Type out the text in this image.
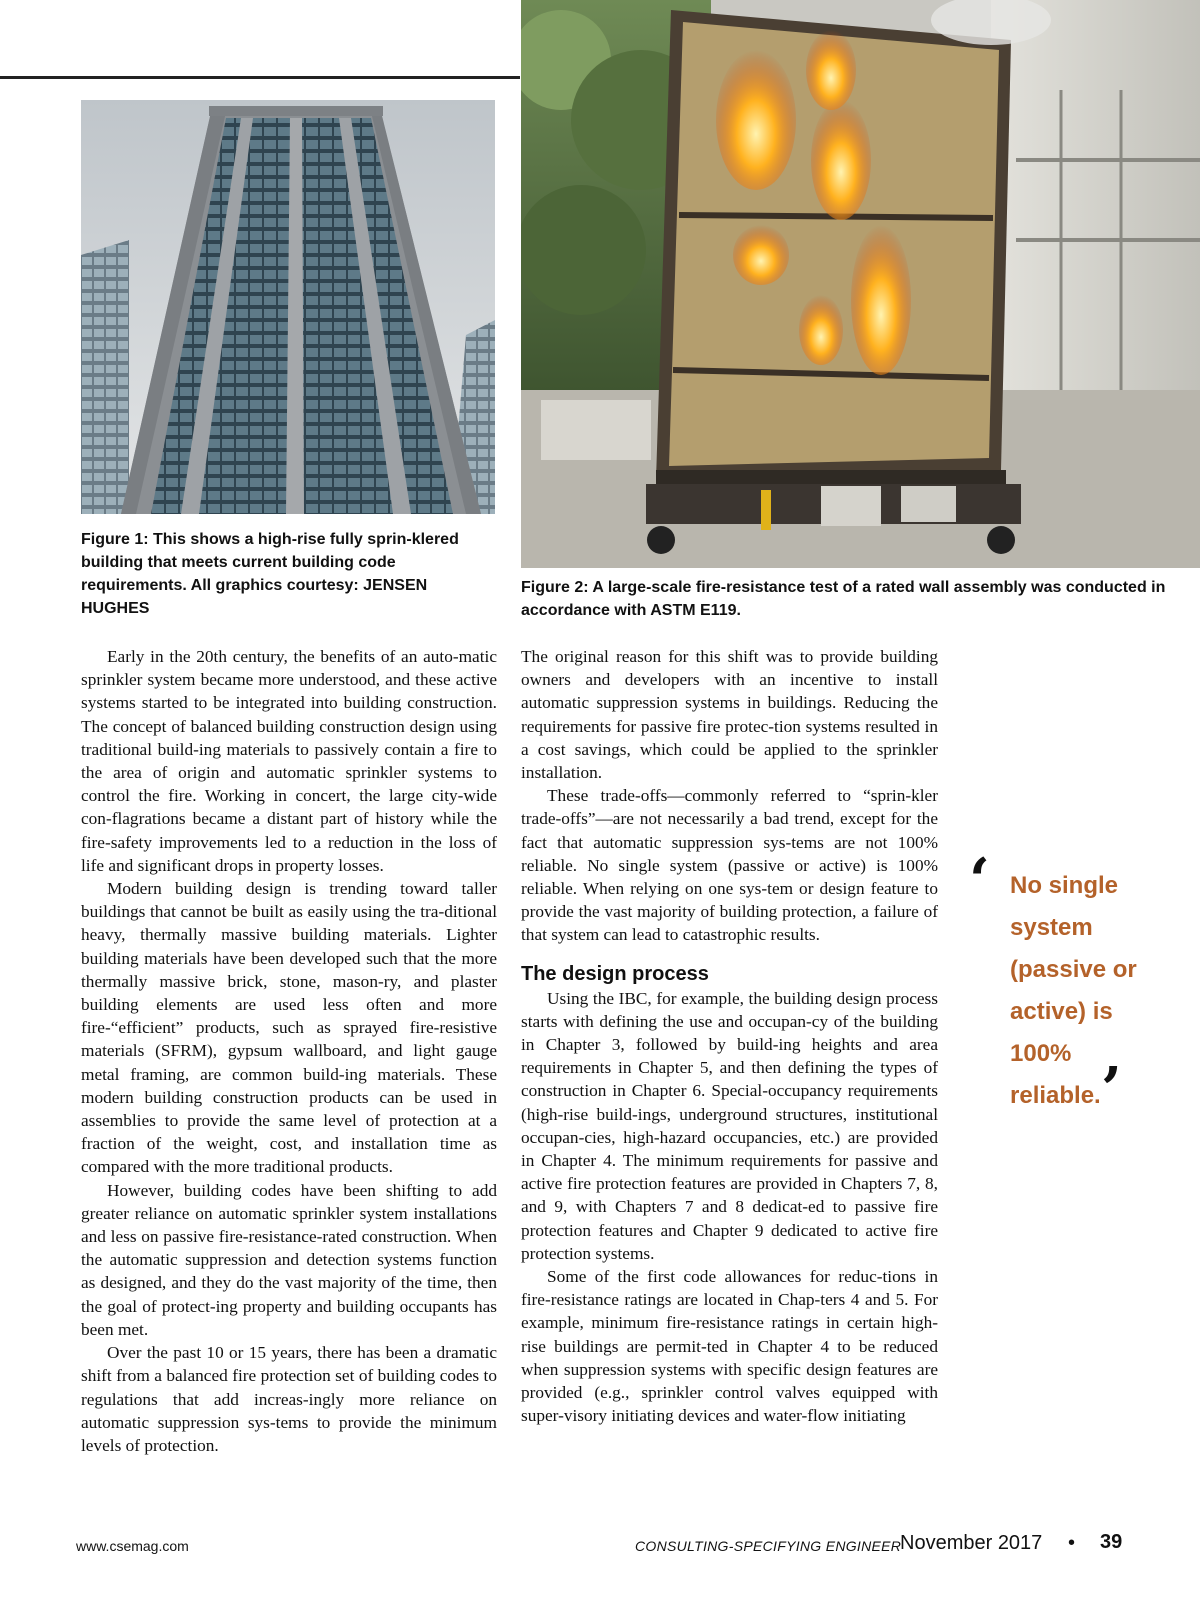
Figure 1: This shows a high-rise fully sprin-klered building that meets current building code requirements. All graphics courtesy: JENSEN HUGHES

Figure 2: A large-scale fire-resistance test of a rated wall assembly was conducted in accordance with ASTM E119.

Early in the 20th century, the benefits of an auto-matic sprinkler system became more understood, and these active systems started to be integrated into building construction. The concept of balanced building construction design using traditional build-ing materials to passively contain a fire to the area of origin and automatic sprinkler systems to control the fire. Working in concert, the large city-wide con-flagrations became a distant part of history while the fire-safety improvements led to a reduction in the loss of life and significant drops in property losses.

Modern building design is trending toward taller buildings that cannot be built as easily using the tra-ditional heavy, thermally massive building materials. Lighter building materials have been developed such that the more thermally massive brick, stone, mason-ry, and plaster building elements are used less often and more fire-“efficient” products, such as sprayed fire-resistive materials (SFRM), gypsum wallboard, and light gauge metal framing, are common build-ing materials. These modern building construction products can be used in assemblies to provide the same level of protection at a fraction of the weight, cost, and installation time as compared with the more traditional products.

However, building codes have been shifting to add greater reliance on automatic sprinkler system installations and less on passive fire-resistance-rated construction. When the automatic suppression and detection systems function as designed, and they do the vast majority of the time, then the goal of protect-ing property and building occupants has been met.

Over the past 10 or 15 years, there has been a dramatic shift from a balanced fire protection set of building codes to regulations that add increas-ingly more reliance on automatic suppression sys-tems to provide the minimum levels of protection.

The original reason for this shift was to provide building owners and developers with an incentive to install automatic suppression systems in buildings. Reducing the requirements for passive fire protec-tion systems resulted in a cost savings, which could be applied to the sprinkler installation.

These trade-offs—commonly referred to “sprin-kler trade-offs”—are not necessarily a bad trend, except for the fact that automatic suppression sys-tems are not 100% reliable. No single system (passive or active) is 100% reliable. When relying on one sys-tem or design feature to provide the vast majority of building protection, a failure of that system can lead to catastrophic results.

The design process

Using the IBC, for example, the building design process starts with defining the use and occupan-cy of the building in Chapter 3, followed by build-ing heights and area requirements in Chapter 5, and then defining the types of construction in Chapter 6. Special-occupancy requirements (high-rise build-ings, underground structures, institutional occupan-cies, high-hazard occupancies, etc.) are provided in Chapter 4. The minimum requirements for passive and active fire protection features are provided in Chapters 7, 8, and 9, with Chapters 7 and 8 dedicat-ed to passive fire protection features and Chapter 9 dedicated to active fire protection systems.

Some of the first code allowances for reduc-tions in fire-resistance ratings are located in Chap-ters 4 and 5. For example, minimum fire-resistance ratings in certain high-rise buildings are permit-ted in Chapter 4 to be reduced when suppression systems with specific design features are provided (e.g., sprinkler control valves equipped with super-visory initiating devices and water-flow initiating

‘ No single system (passive or active) is 100% reliable. ’
www.csemag.com	CONSULTING-SPECIFYING ENGINEER
November 2017 • 39
